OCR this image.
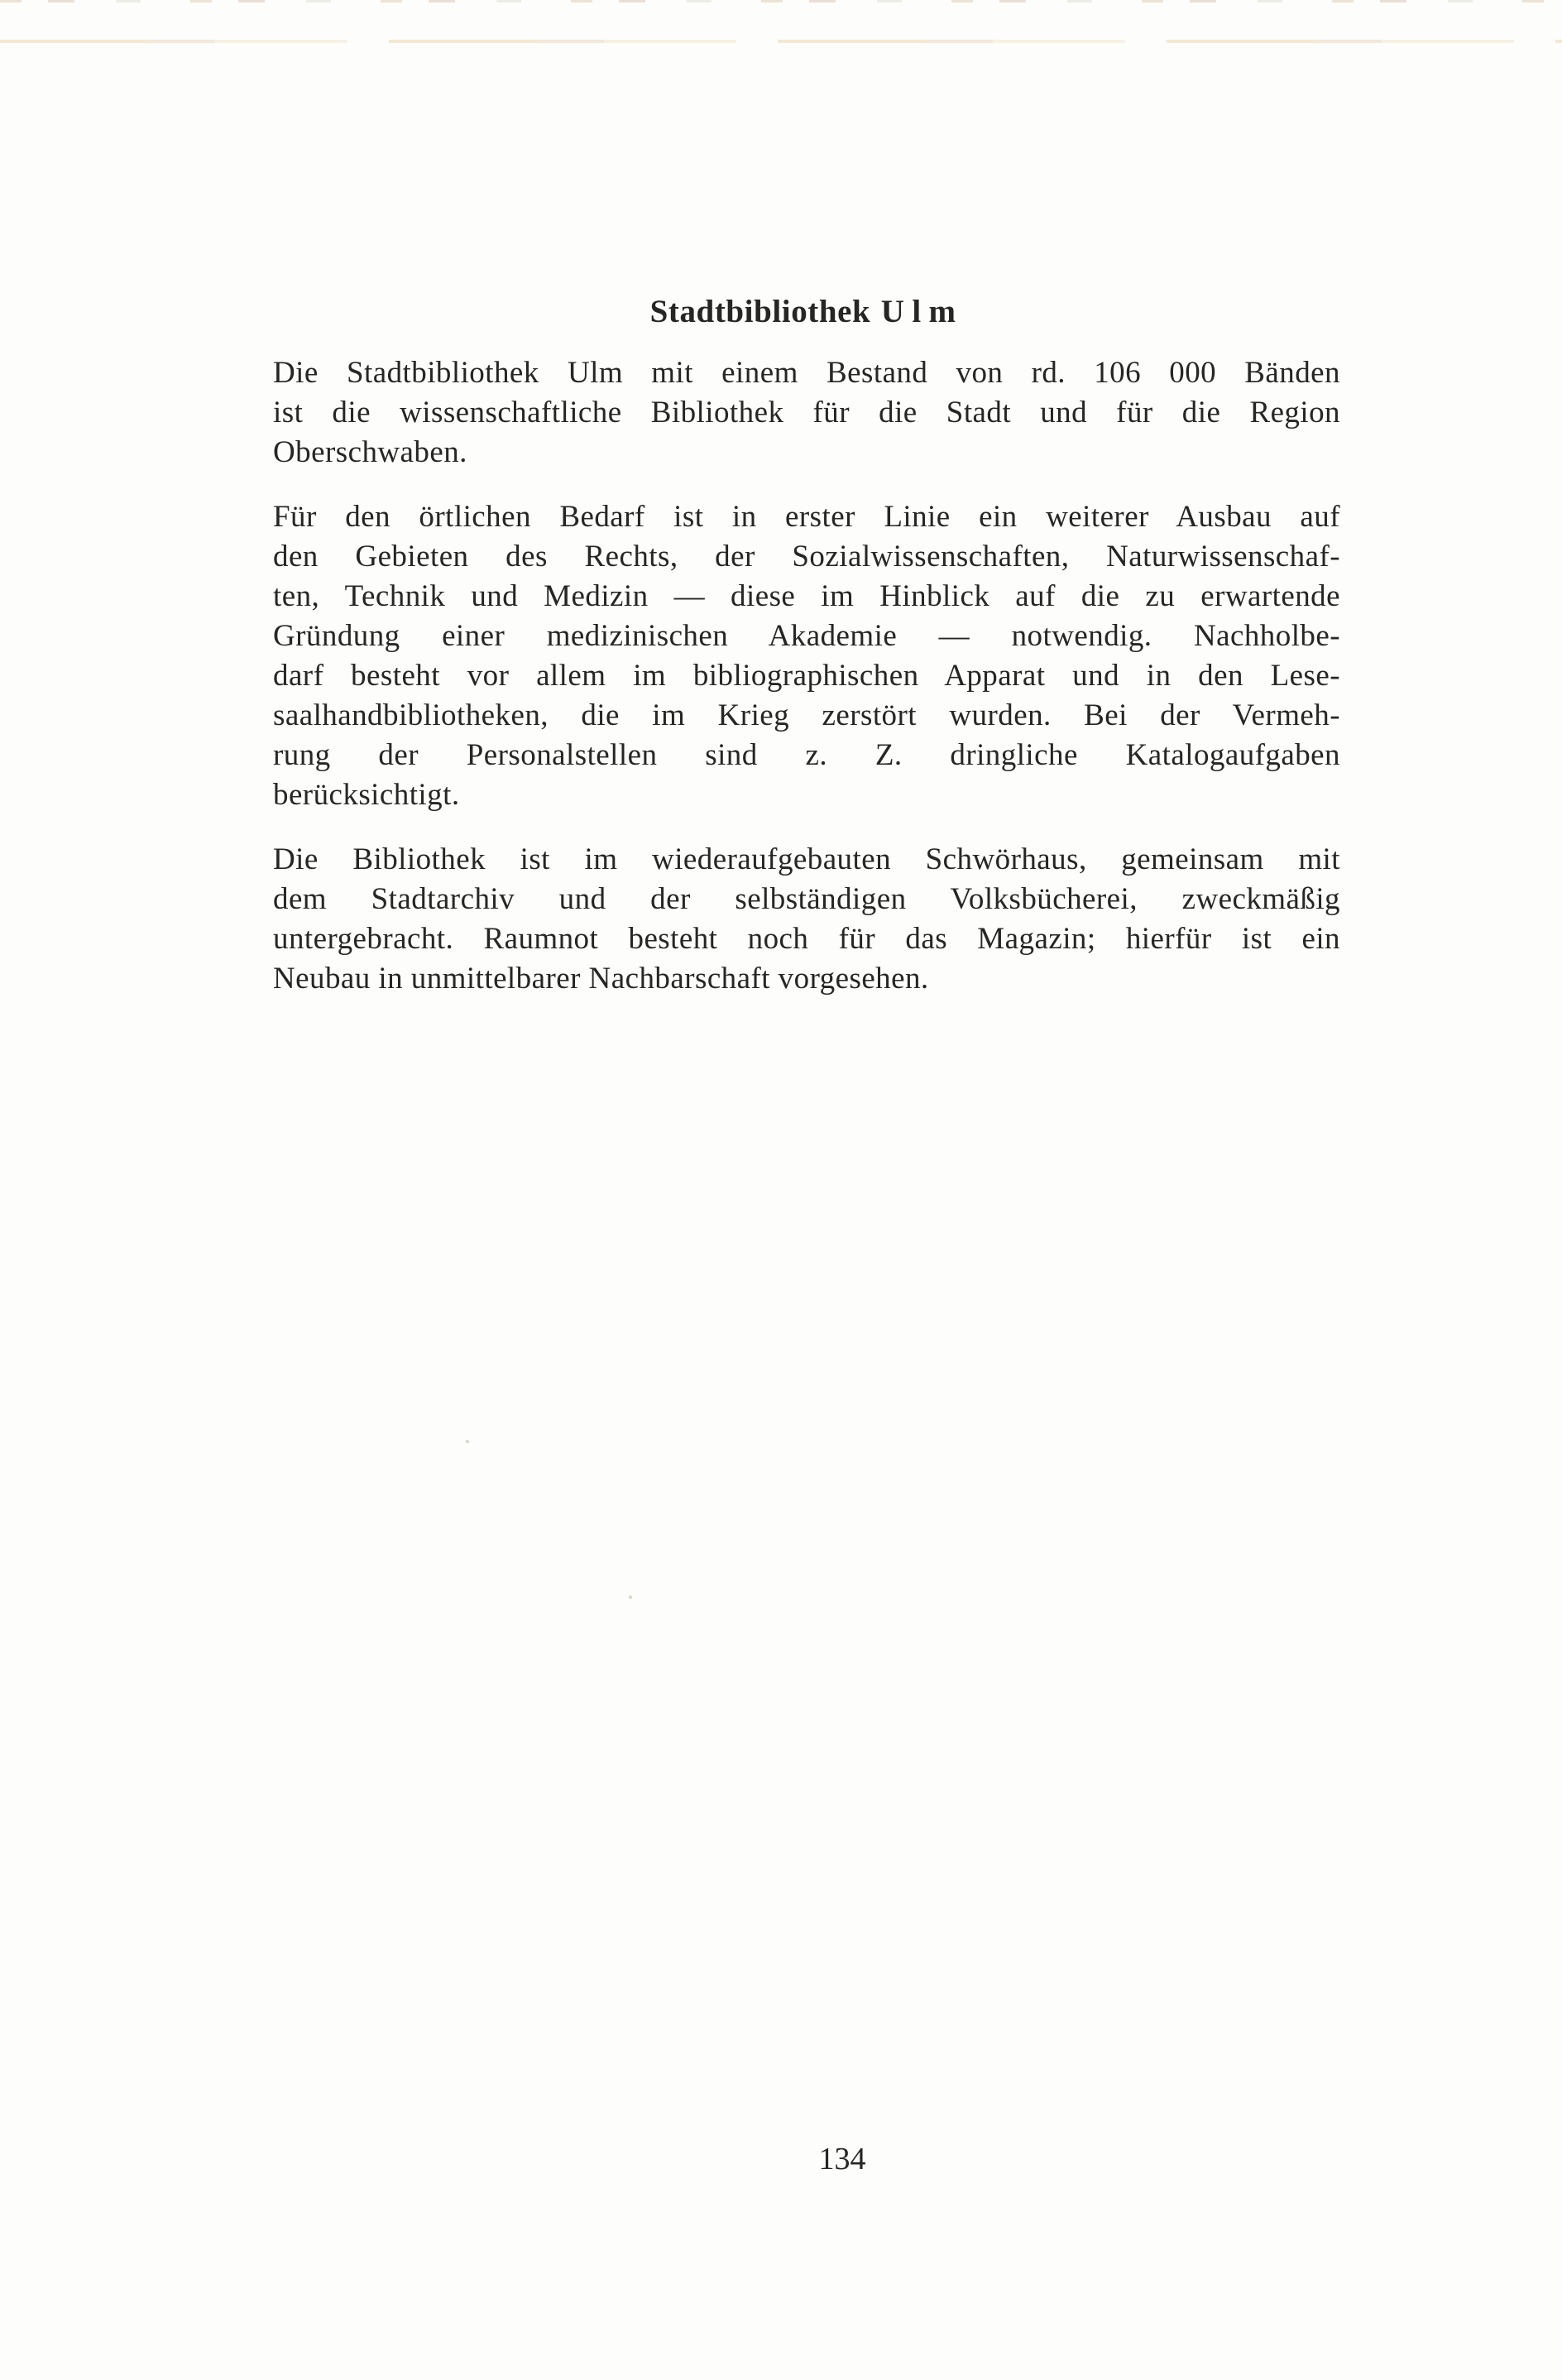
Stadtbibliothek Ulm
Die Stadtbibliothek Ulm mit einem Bestand von rd. 106 000 Bänden
ist die wissenschaftliche Bibliothek für die Stadt und für die Region
Oberschwaben.
Für den örtlichen Bedarf ist in erster Linie ein weiterer Ausbau auf
den Gebieten des Rechts, der Sozialwissenschaften, Naturwissenschaf-
ten, Technik und Medizin — diese im Hinblick auf die zu erwartende
Gründung einer medizinischen Akademie — notwendig. Nachholbe-
darf besteht vor allem im bibliographischen Apparat und in den Lese-
saalhandbibliotheken, die im Krieg zerstört wurden. Bei der Vermeh-
rung der Personalstellen sind z. Z. dringliche Katalogaufgaben
berücksichtigt.
Die Bibliothek ist im wiederaufgebauten Schwörhaus, gemeinsam mit
dem Stadtarchiv und der selbständigen Volksbücherei, zweckmäßig
untergebracht. Raumnot besteht noch für das Magazin; hierfür ist ein
Neubau in unmittelbarer Nachbarschaft vorgesehen.
134
